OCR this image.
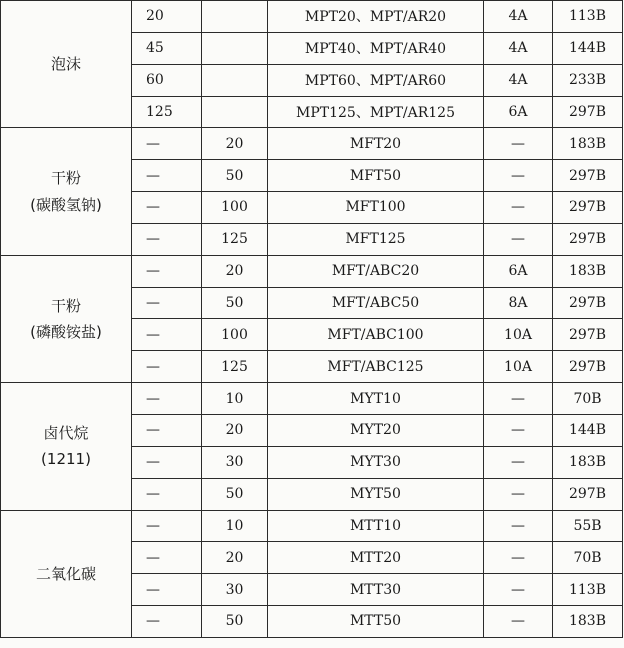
泡沫	20		MPT20、MPT/AR20	4A	113B
	45		MPT40、MPT/AR40	4A	144B
	60		MPT60、MPT/AR60	4A	233B
	125		MPT125、MPT/AR125	6A	297B
干粉
(碳酸氢钠)	—	20	MFT20	—	183B
	—	50	MFT50	—	297B
	—	100	MFT100	—	297B
	—	125	MFT125	—	297B
干粉
(磷酸铵盐)	—	20	MFT/ABC20	6A	183B
	—	50	MFT/ABC50	8A	297B
	—	100	MFT/ABC100	10A	297B
	—	125	MFT/ABC125	10A	297B
卤代烷
(1211)	—	10	MYT10	—	70B
	—	20	MYT20	—	144B
	—	30	MYT30	—	183B
	—	50	MYT50	—	297B
二氧化碳	—	10	MTT10	—	55B
	—	20	MTT20	—	70B
	—	30	MTT30	—	113B
	—	50	MTT50	—	183B
